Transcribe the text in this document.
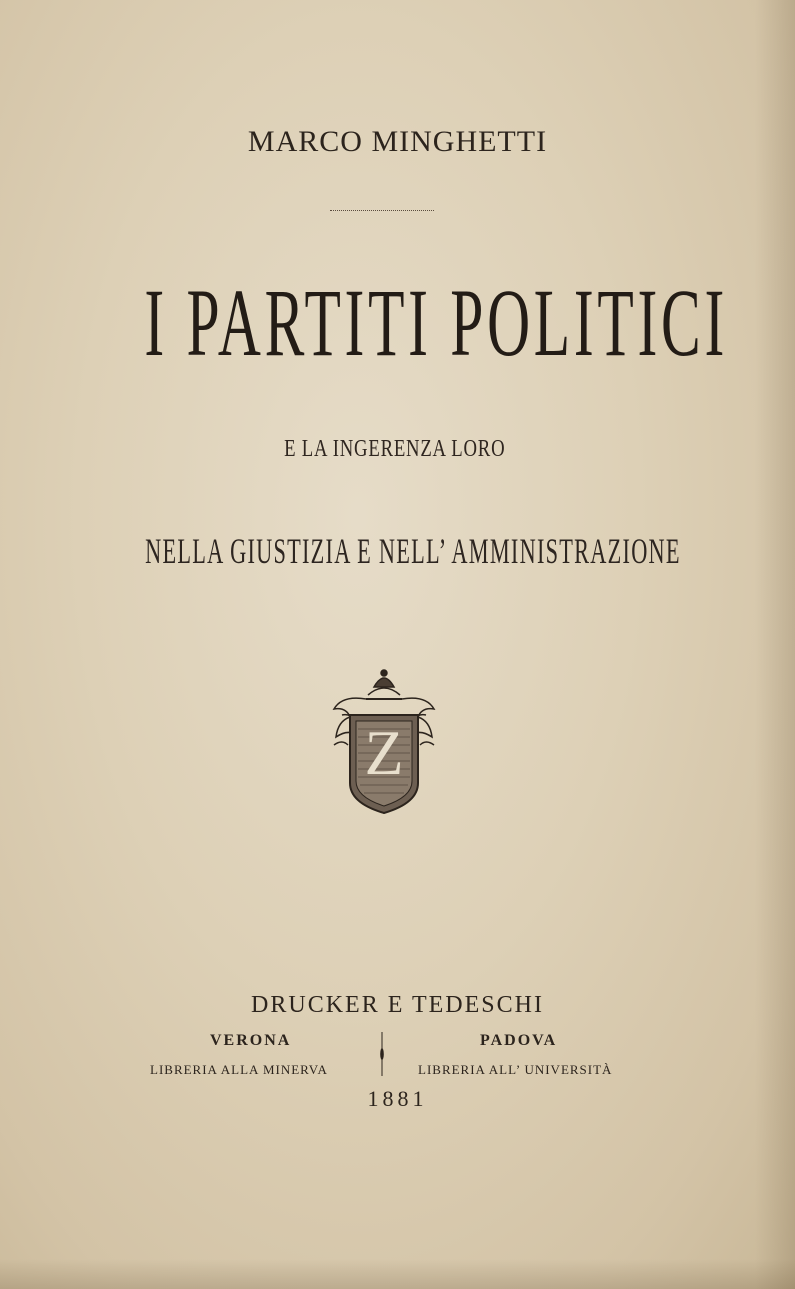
MARCO MINGHETTI
I PARTITI POLITICI
E LA INGERENZA LORO
NELLA GIUSTIZIA E NELL’ AMMINISTRAZIONE
Z
DRUCKER E TEDESCHI
VERONA	PADOVA
LIBRERIA ALLA MINERVA	LIBRERIA ALL’ UNIVERSITÀ
1881
